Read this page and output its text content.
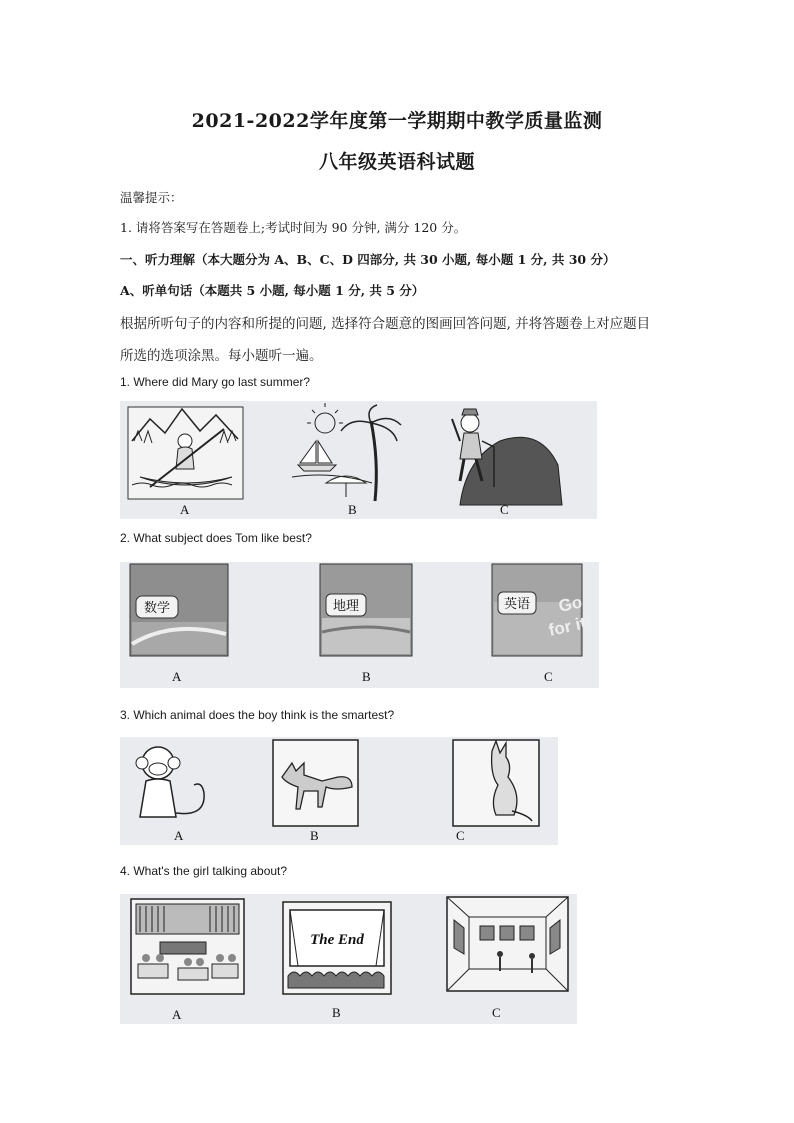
2021-2022学年度第一学期期中教学质量监测
八年级英语科试题
温馨提示：
1. 请将答案写在答题卷上;考试时间为 90 分钟, 满分 120 分。
一、听力理解（本大题分为 A、B、C、D 四部分, 共 30 小题, 每小题 1 分, 共 30 分）
A、听单句话（本题共 5 小题, 每小题 1 分, 共 5 分）
根据所听句子的内容和所提的问题, 选择符合题意的图画回答问题, 并将答题卷上对应题目
所选的选项涂黑。每小题听一遍。
1. Where did Mary go last summer?
A	B	C
2. What subject does Tom like best?
数学	地理	英语 Go
for it!
A	B	C
3. Which animal does the boy think is the smartest?
A	B	C
4. What's the girl talking about?
The End
A	B	C
